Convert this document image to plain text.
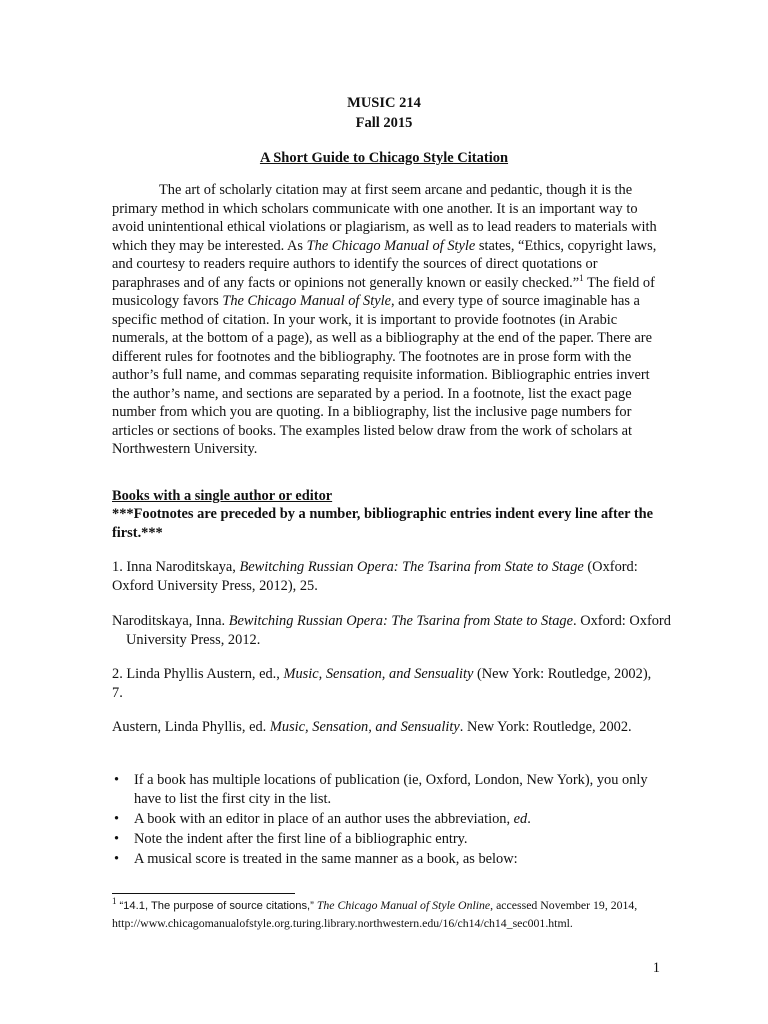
MUSIC 214
Fall 2015
A Short Guide to Chicago Style Citation

The art of scholarly citation may at first seem arcane and pedantic, though it is the primary method in which scholars communicate with one another. It is an important way to avoid unintentional ethical violations or plagiarism, as well as to lead readers to materials with which they may be interested. As The Chicago Manual of Style states, “Ethics, copyright laws, and courtesy to readers require authors to identify the sources of direct quotations or paraphrases and of any facts or opinions not generally known or easily checked.”$^1$ The field of musicology favors The Chicago Manual of Style, and every type of source imaginable has a specific method of citation. In your work, it is important to provide footnotes (in Arabic numerals, at the bottom of a page), as well as a bibliography at the end of the paper. There are different rules for footnotes and the bibliography. The footnotes are in prose form with the author’s full name, and commas separating requisite information. Bibliographic entries invert the author’s name, and sections are separated by a period. In a footnote, list the exact page number from which you are quoting. In a bibliography, list the inclusive page numbers for articles or sections of books. The examples listed below draw from the work of scholars at Northwestern University.

Books with a single author or editor
***Footnotes are preceded by a number, bibliographic entries indent every line after the first.***

1. Inna Naroditskaya, Bewitching Russian Opera: The Tsarina from State to Stage (Oxford: Oxford University Press, 2012), 25.

Naroditskaya, Inna. Bewitching Russian Opera: The Tsarina from State to Stage. Oxford: Oxford University Press, 2012.

2. Linda Phyllis Austern, ed., Music, Sensation, and Sensuality (New York: Routledge, 2002), 7.

Austern, Linda Phyllis, ed. Music, Sensation, and Sensuality. New York: Routledge, 2002.

• If a book has multiple locations of publication (ie, Oxford, London, New York), you only have to list the first city in the list.
• A book with an editor in place of an author uses the abbreviation, ed.
• Note the indent after the first line of a bibliographic entry.
• A musical score is treated in the same manner as a book, as below:
$^1$ “14.1, The purpose of source citations,” The Chicago Manual of Style Online, accessed November 19, 2014, http://www.chicagomanualofstyle.org.turing.library.northwestern.edu/16/ch14/ch14_sec001.html.
1
